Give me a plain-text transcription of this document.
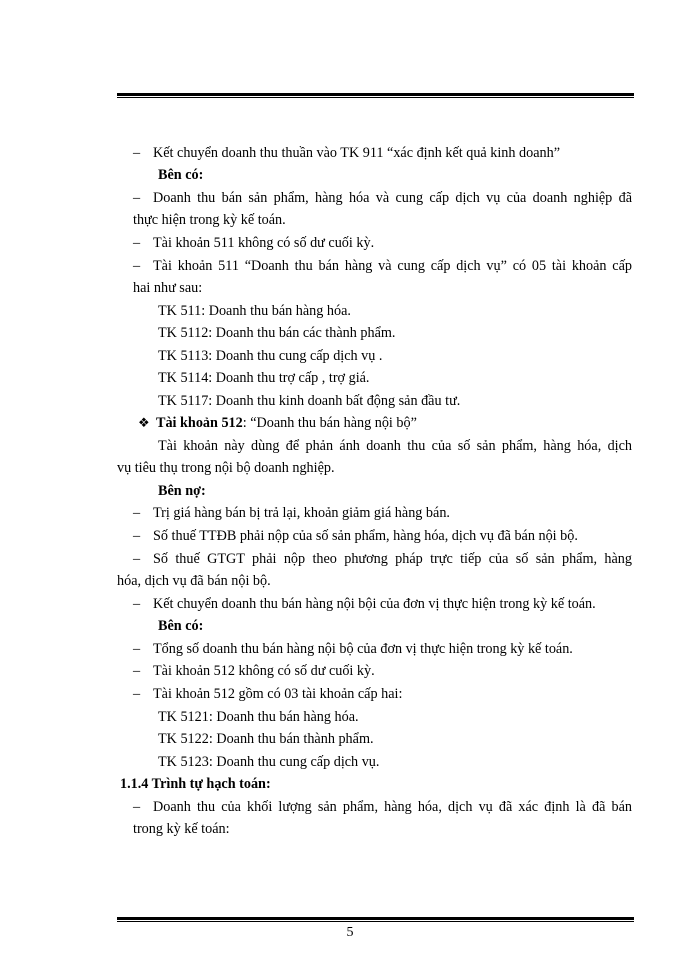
– Kết chuyển doanh thu thuần vào TK 911 “xác định kết quả kinh doanh”
Bên có:
– Doanh thu bán sản phẩm, hàng hóa và cung cấp dịch vụ của doanh nghiệp đã
thực hiện trong kỳ kế toán.
– Tài khoản 511 không có số dư cuối kỳ.
– Tài khoản 511 “Doanh thu bán hàng và cung cấp dịch vụ” có 05 tài khoản cấp
hai như sau:
TK 511: Doanh thu bán hàng hóa.
TK 5112: Doanh thu bán các thành phẩm.
TK 5113: Doanh thu cung cấp dịch vụ .
TK 5114: Doanh thu trợ cấp , trợ giá.
TK 5117: Doanh thu kinh doanh bất động sản đầu tư.
❖ Tài khoản 512: “Doanh thu bán hàng nội bộ”
Tài khoản này dùng để phản ánh doanh thu của số sản phẩm, hàng hóa, dịch
vụ tiêu thụ trong nội bộ doanh nghiệp.
Bên nợ:
– Trị giá hàng bán bị trả lại, khoản giảm giá hàng bán.
– Số thuế TTĐB phải nộp của số sản phẩm, hàng hóa, dịch vụ đã bán nội bộ.
– Số thuế GTGT phải nộp theo phương pháp trực tiếp của số sản phẩm, hàng
hóa, dịch vụ đã bán nội bộ.
– Kết chuyển doanh thu bán hàng nội bội của đơn vị thực hiện trong kỳ kế toán.
Bên có:
– Tổng số doanh thu bán hàng nội bộ của đơn vị thực hiện trong kỳ kế toán.
– Tài khoản 512 không có số dư cuối kỳ.
– Tài khoản 512 gồm có 03 tài khoản cấp hai:
TK 5121: Doanh thu bán hàng hóa.
TK 5122: Doanh thu bán thành phẩm.
TK 5123: Doanh thu cung cấp dịch vụ.
1.1.4 Trình tự hạch toán:
– Doanh thu của khối lượng sản phẩm, hàng hóa, dịch vụ đã xác định là đã bán
trong kỳ kế toán:
5
